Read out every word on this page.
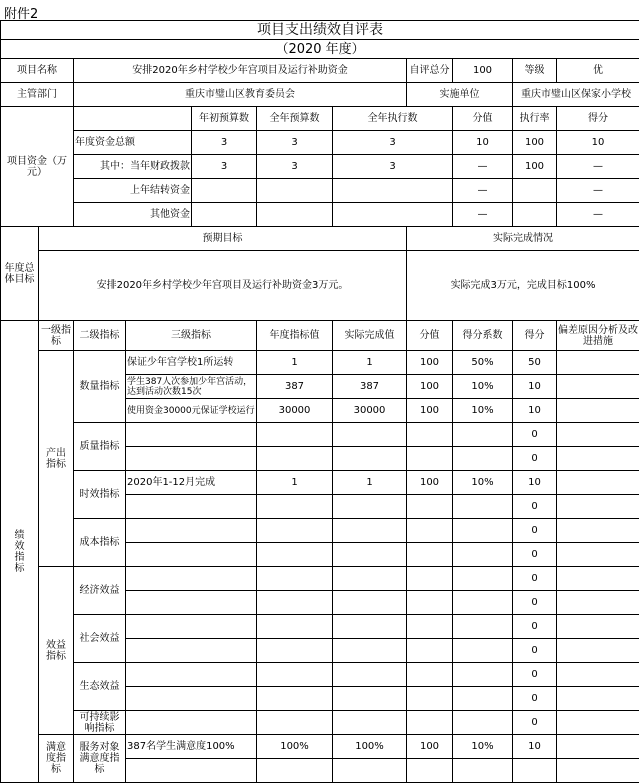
附件2
项目支出绩效自评表										
（2020 年度）										
项目名称		安排2020年乡村学校少年宫项目及运行补助资金					自评总分	100	等级	优
主管部门		重庆市璧山区教育委员会					实施单位		重庆市璧山区保家小学校	
项目资金（万元）				年初预算数	全年预算数	全年执行数		分值	执行率	得分
		年度资金总额		3	3	3		10	100	10
		其中：当年财政拨款		3	3	3		—	100	—
		上年结转资金						—		—
		其他资金						—		—
年度总体目标	预期目标						实际完成情况			
	安排2020年乡村学校少年宫项目及运行补助资金3万元。						实际完成3万元，完成目标100%			
绩效指标	一级指标	二级指标	三级指标		年度指标值	实际完成值	分值	得分系数	得分	偏差原因分析及改进措施
	产出指标	数量指标	保证少年宫学校1所运转		1	1	100	50%	50	
			学生387人次参加少年宫活动，达到活动次数15次		387	387	100	10%	10	
			使用资金30000元保证学校运行		30000	30000	100	10%	10	
		质量指标							0	
									0	
		时效指标	2020年1-12月完成		1	1	100	10%	10	
									0	
		成本指标							0	
									0	
	效益指标	经济效益							0	
									0	
		社会效益							0	
									0	
		生态效益							0	
									0	
		可持续影响指标							0	
	满意度指标	服务对象满意度指标	387名学生满意度100%		100%	100%	100	10%	10	
